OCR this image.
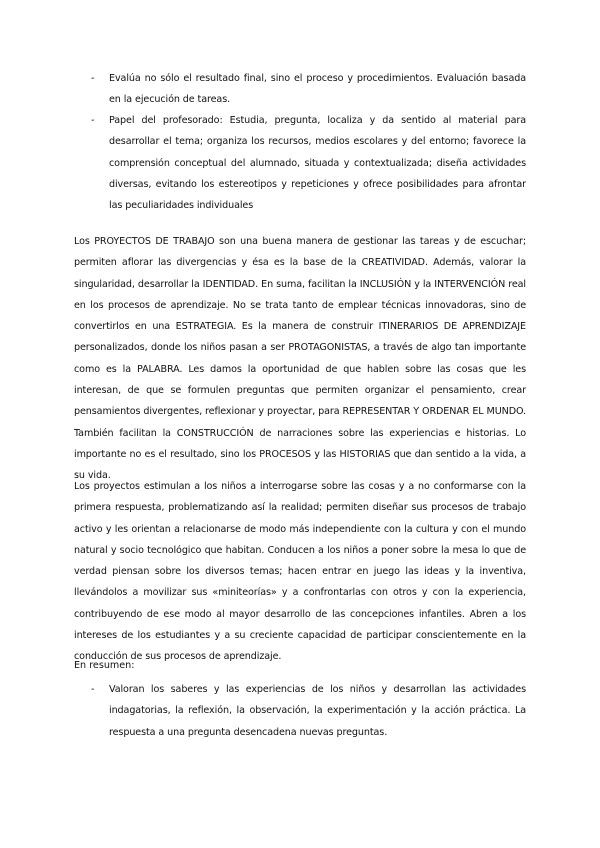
- Evalúa no sólo el resultado final, sino el proceso y procedimientos. Evaluación basada en la ejecución de tareas.
- Papel del profesorado: Estudia, pregunta, localiza y da sentido al material para desarrollar el tema; organiza los recursos, medios escolares y del entorno; favorece la comprensión conceptual del alumnado, situada y contextualizada; diseña actividades diversas, evitando los estereotipos y repeticiones y ofrece posibilidades para afrontar las peculiaridades individuales
Los PROYECTOS DE TRABAJO son una buena manera de gestionar las tareas y de escuchar; permiten aflorar las divergencias y ésa es la base de la CREATIVIDAD. Además, valorar la singularidad, desarrollar la IDENTIDAD. En suma, facilitan la INCLUSIÓN y la INTERVENCIÓN real en los procesos de aprendizaje. No se trata tanto de emplear técnicas innovadoras, sino de convertirlos en una ESTRATEGIA. Es la manera de construir ITINERARIOS DE APRENDIZAJE personalizados, donde los niños pasan a ser PROTAGONISTAS, a través de algo tan importante como es la PALABRA. Les damos la oportunidad de que hablen sobre las cosas que les interesan, de que se formulen preguntas que permiten organizar el pensamiento, crear pensamientos divergentes, reflexionar y proyectar, para REPRESENTAR Y ORDENAR EL MUNDO. También facilitan la CONSTRUCCIÓN de narraciones sobre las experiencias e historias. Lo importante no es el resultado, sino los PROCESOS y las HISTORIAS que dan sentido a la vida, a su vida.
Los proyectos estimulan a los niños a interrogarse sobre las cosas y a no conformarse con la primera respuesta, problematizando así la realidad; permiten diseñar sus procesos de trabajo activo y les orientan a relacionarse de modo más independiente con la cultura y con el mundo natural y socio tecnológico que habitan. Conducen a los niños a poner sobre la mesa lo que de verdad piensan sobre los diversos temas; hacen entrar en juego las ideas y la inventiva, llevándolos a movilizar sus «miniteorías» y a confrontarlas con otros y con la experiencia, contribuyendo de ese modo al mayor desarrollo de las concepciones infantiles. Abren a los intereses de los estudiantes y a su creciente capacidad de participar conscientemente en la conducción de sus procesos de aprendizaje.
En resumen:
- Valoran los saberes y las experiencias de los niños y desarrollan las actividades indagatorias, la reflexión, la observación, la experimentación y la acción práctica. La respuesta a una pregunta desencadena nuevas preguntas.
